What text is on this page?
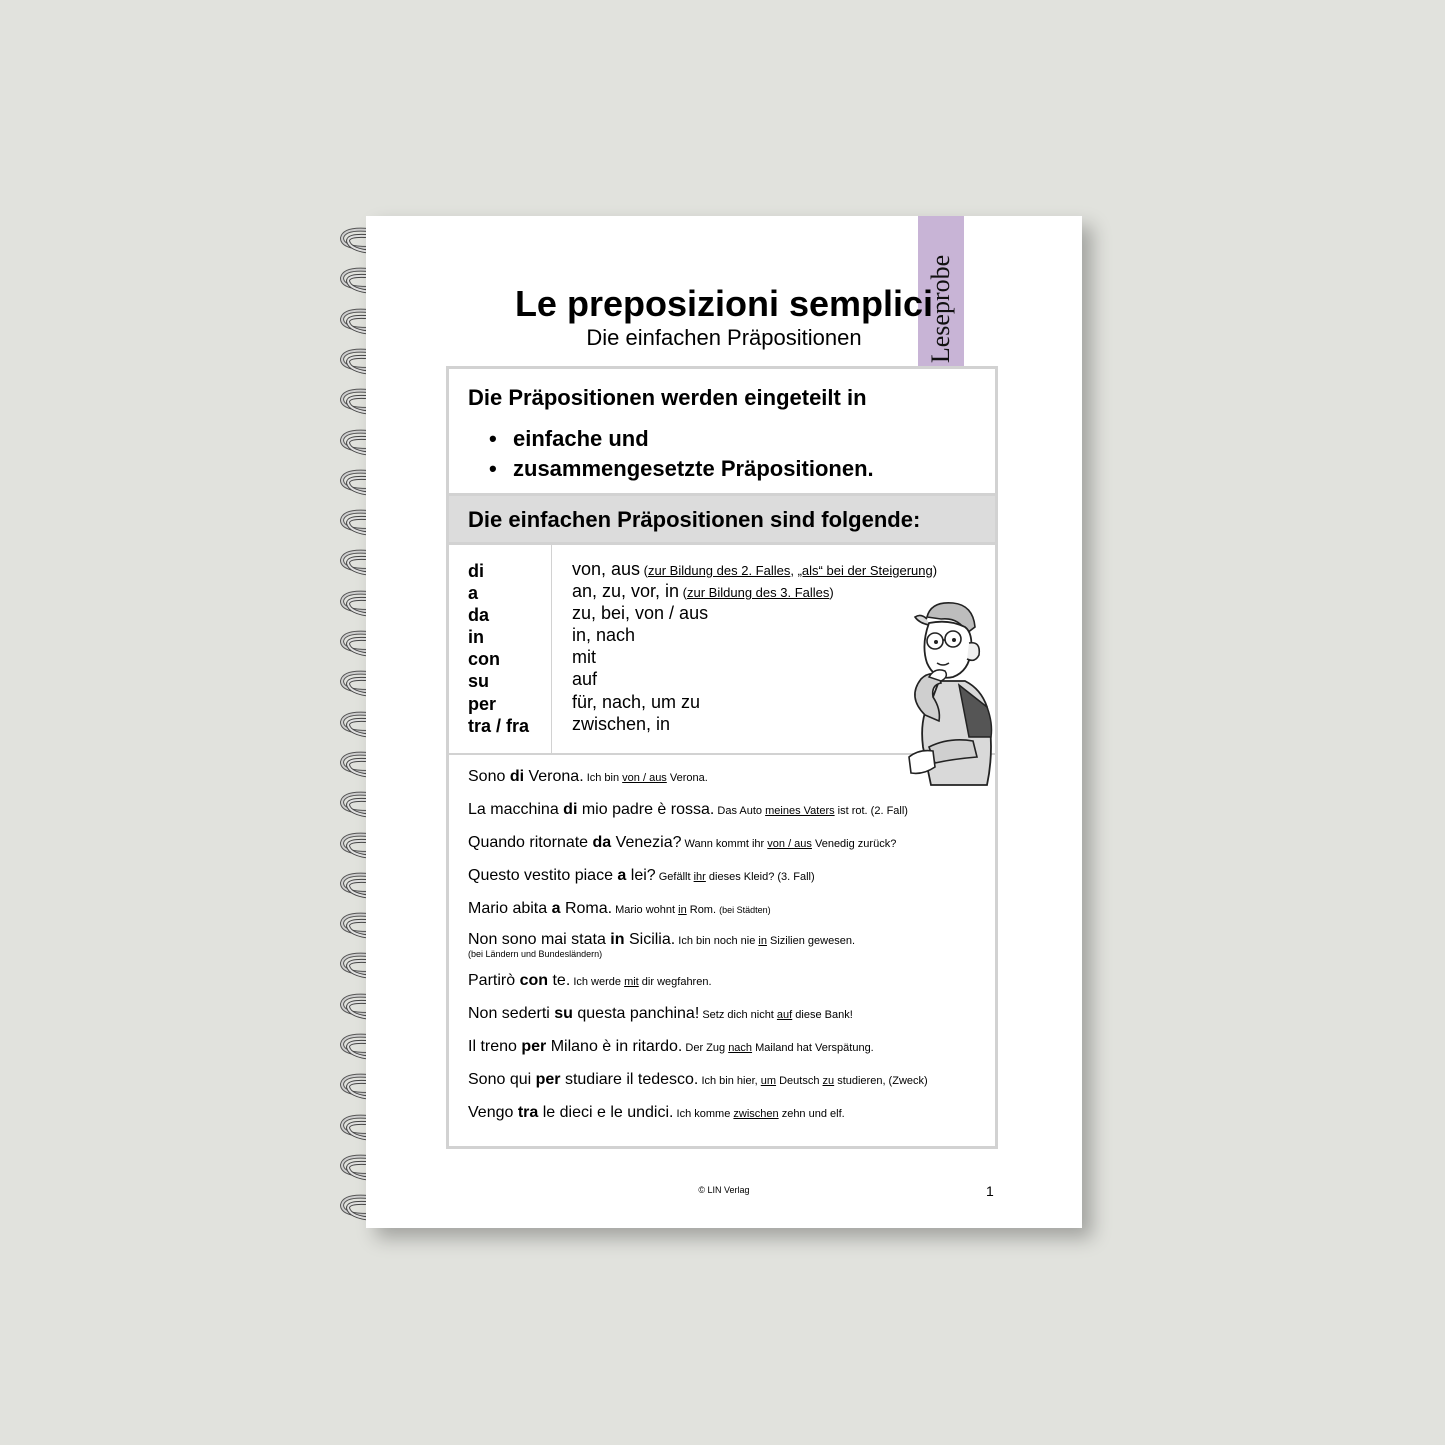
Leseprobe
Le preposizioni semplici
Die einfachen Präpositionen
Die Präpositionen werden eingeteilt in
• einfache und
• zusammengesetzte Präpositionen.
Die einfachen Präpositionen sind folgende:
di
a
da
in
con
su
per
tra / fra
von, aus (zur Bildung des 2. Falles, „als“ bei der Steigerung)
an, zu, vor, in (zur Bildung des 3. Falles)
zu, bei, von / aus
in, nach
mit
auf
für, nach, um zu
zwischen, in
Sono di Verona. Ich bin von / aus Verona.
La macchina di mio padre è rossa. Das Auto meines Vaters ist rot. (2. Fall)
Quando ritornate da Venezia? Wann kommt ihr von / aus Venedig zurück?
Questo vestito piace a lei? Gefällt ihr dieses Kleid? (3. Fall)
Mario abita a Roma. Mario wohnt in Rom. (bei Städten)
Non sono mai stata in Sicilia. Ich bin noch nie in Sizilien gewesen.
(bei Ländern und Bundesländern)
Partirò con te. Ich werde mit dir wegfahren.
Non sederti su questa panchina! Setz dich nicht auf diese Bank!
Il treno per Milano è in ritardo. Der Zug nach Mailand hat Verspätung.
Sono qui per studiare il tedesco. Ich bin hier, um Deutsch zu studieren, (Zweck)
Vengo tra le dieci e le undici. Ich komme zwischen zehn und elf.
© LIN Verlag	1
